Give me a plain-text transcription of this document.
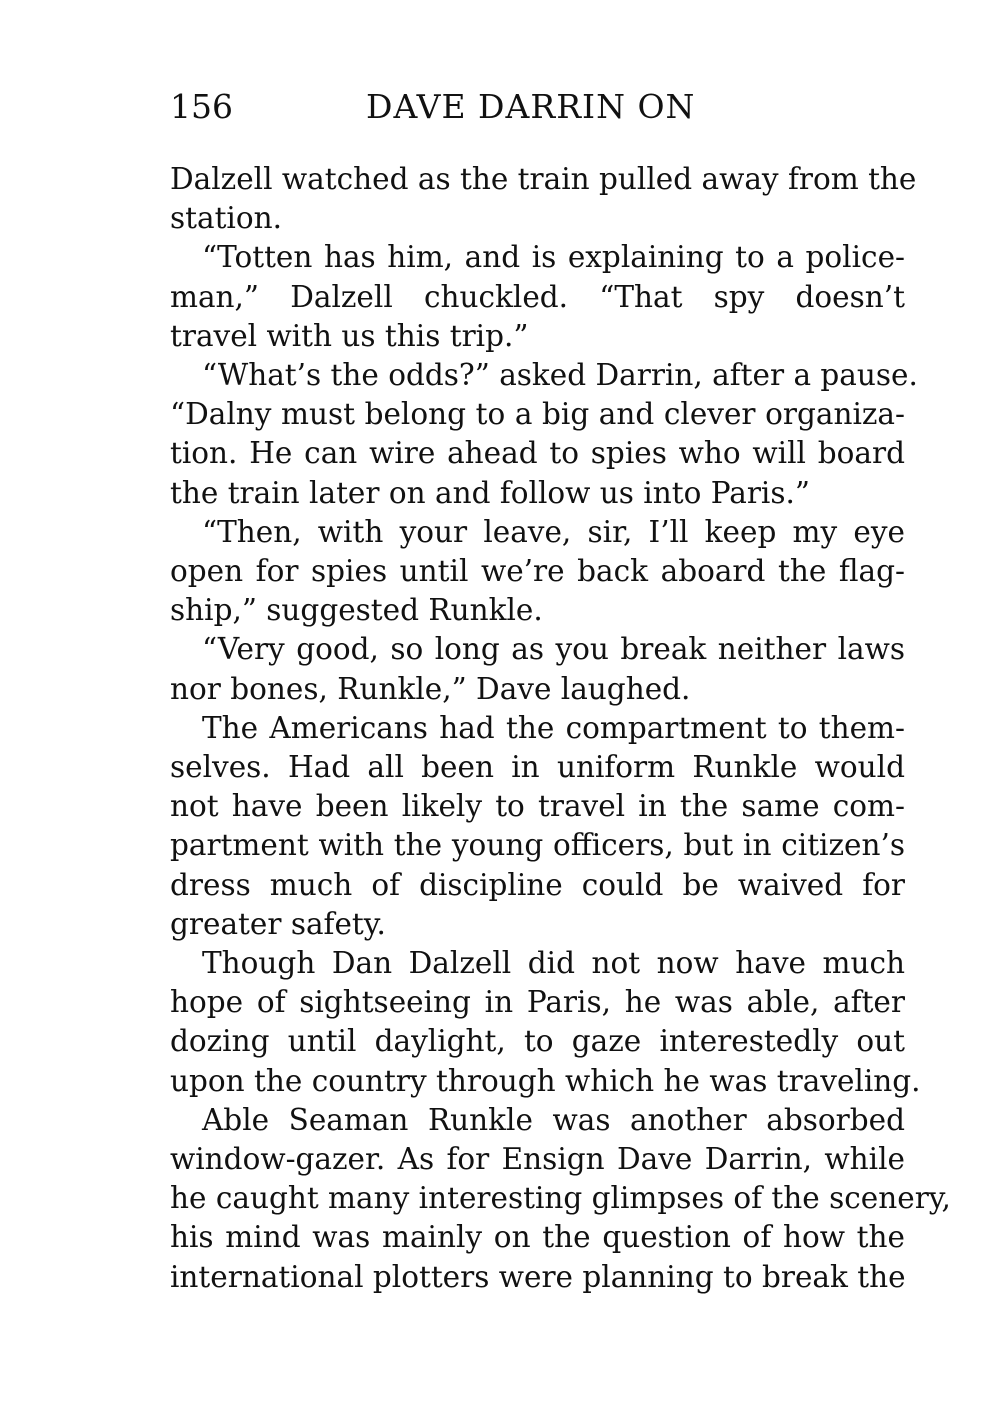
156	DAVE DARRIN ON
Dalzell watched as the train pulled away from the
station.
“Totten has him, and is explaining to a police-
man,” Dalzell chuckled. “That spy doesn’t
travel with us this trip.”
“What’s the odds?” asked Darrin, after a pause.
“Dalny must belong to a big and clever organiza-
tion. He can wire ahead to spies who will board
the train later on and follow us into Paris.”
“Then, with your leave, sir, I’ll keep my eye
open for spies until we’re back aboard the flag-
ship,” suggested Runkle.
“Very good, so long as you break neither laws
nor bones, Runkle,” Dave laughed.
The Americans had the compartment to them-
selves. Had all been in uniform Runkle would
not have been likely to travel in the same com-
partment with the young officers, but in citizen’s
dress much of discipline could be waived for
greater safety.
Though Dan Dalzell did not now have much
hope of sightseeing in Paris, he was able, after
dozing until daylight, to gaze interestedly out
upon the country through which he was traveling.
Able Seaman Runkle was another absorbed
window-gazer. As for Ensign Dave Darrin, while
he caught many interesting glimpses of the scenery,
his mind was mainly on the question of how the
international plotters were planning to break the
